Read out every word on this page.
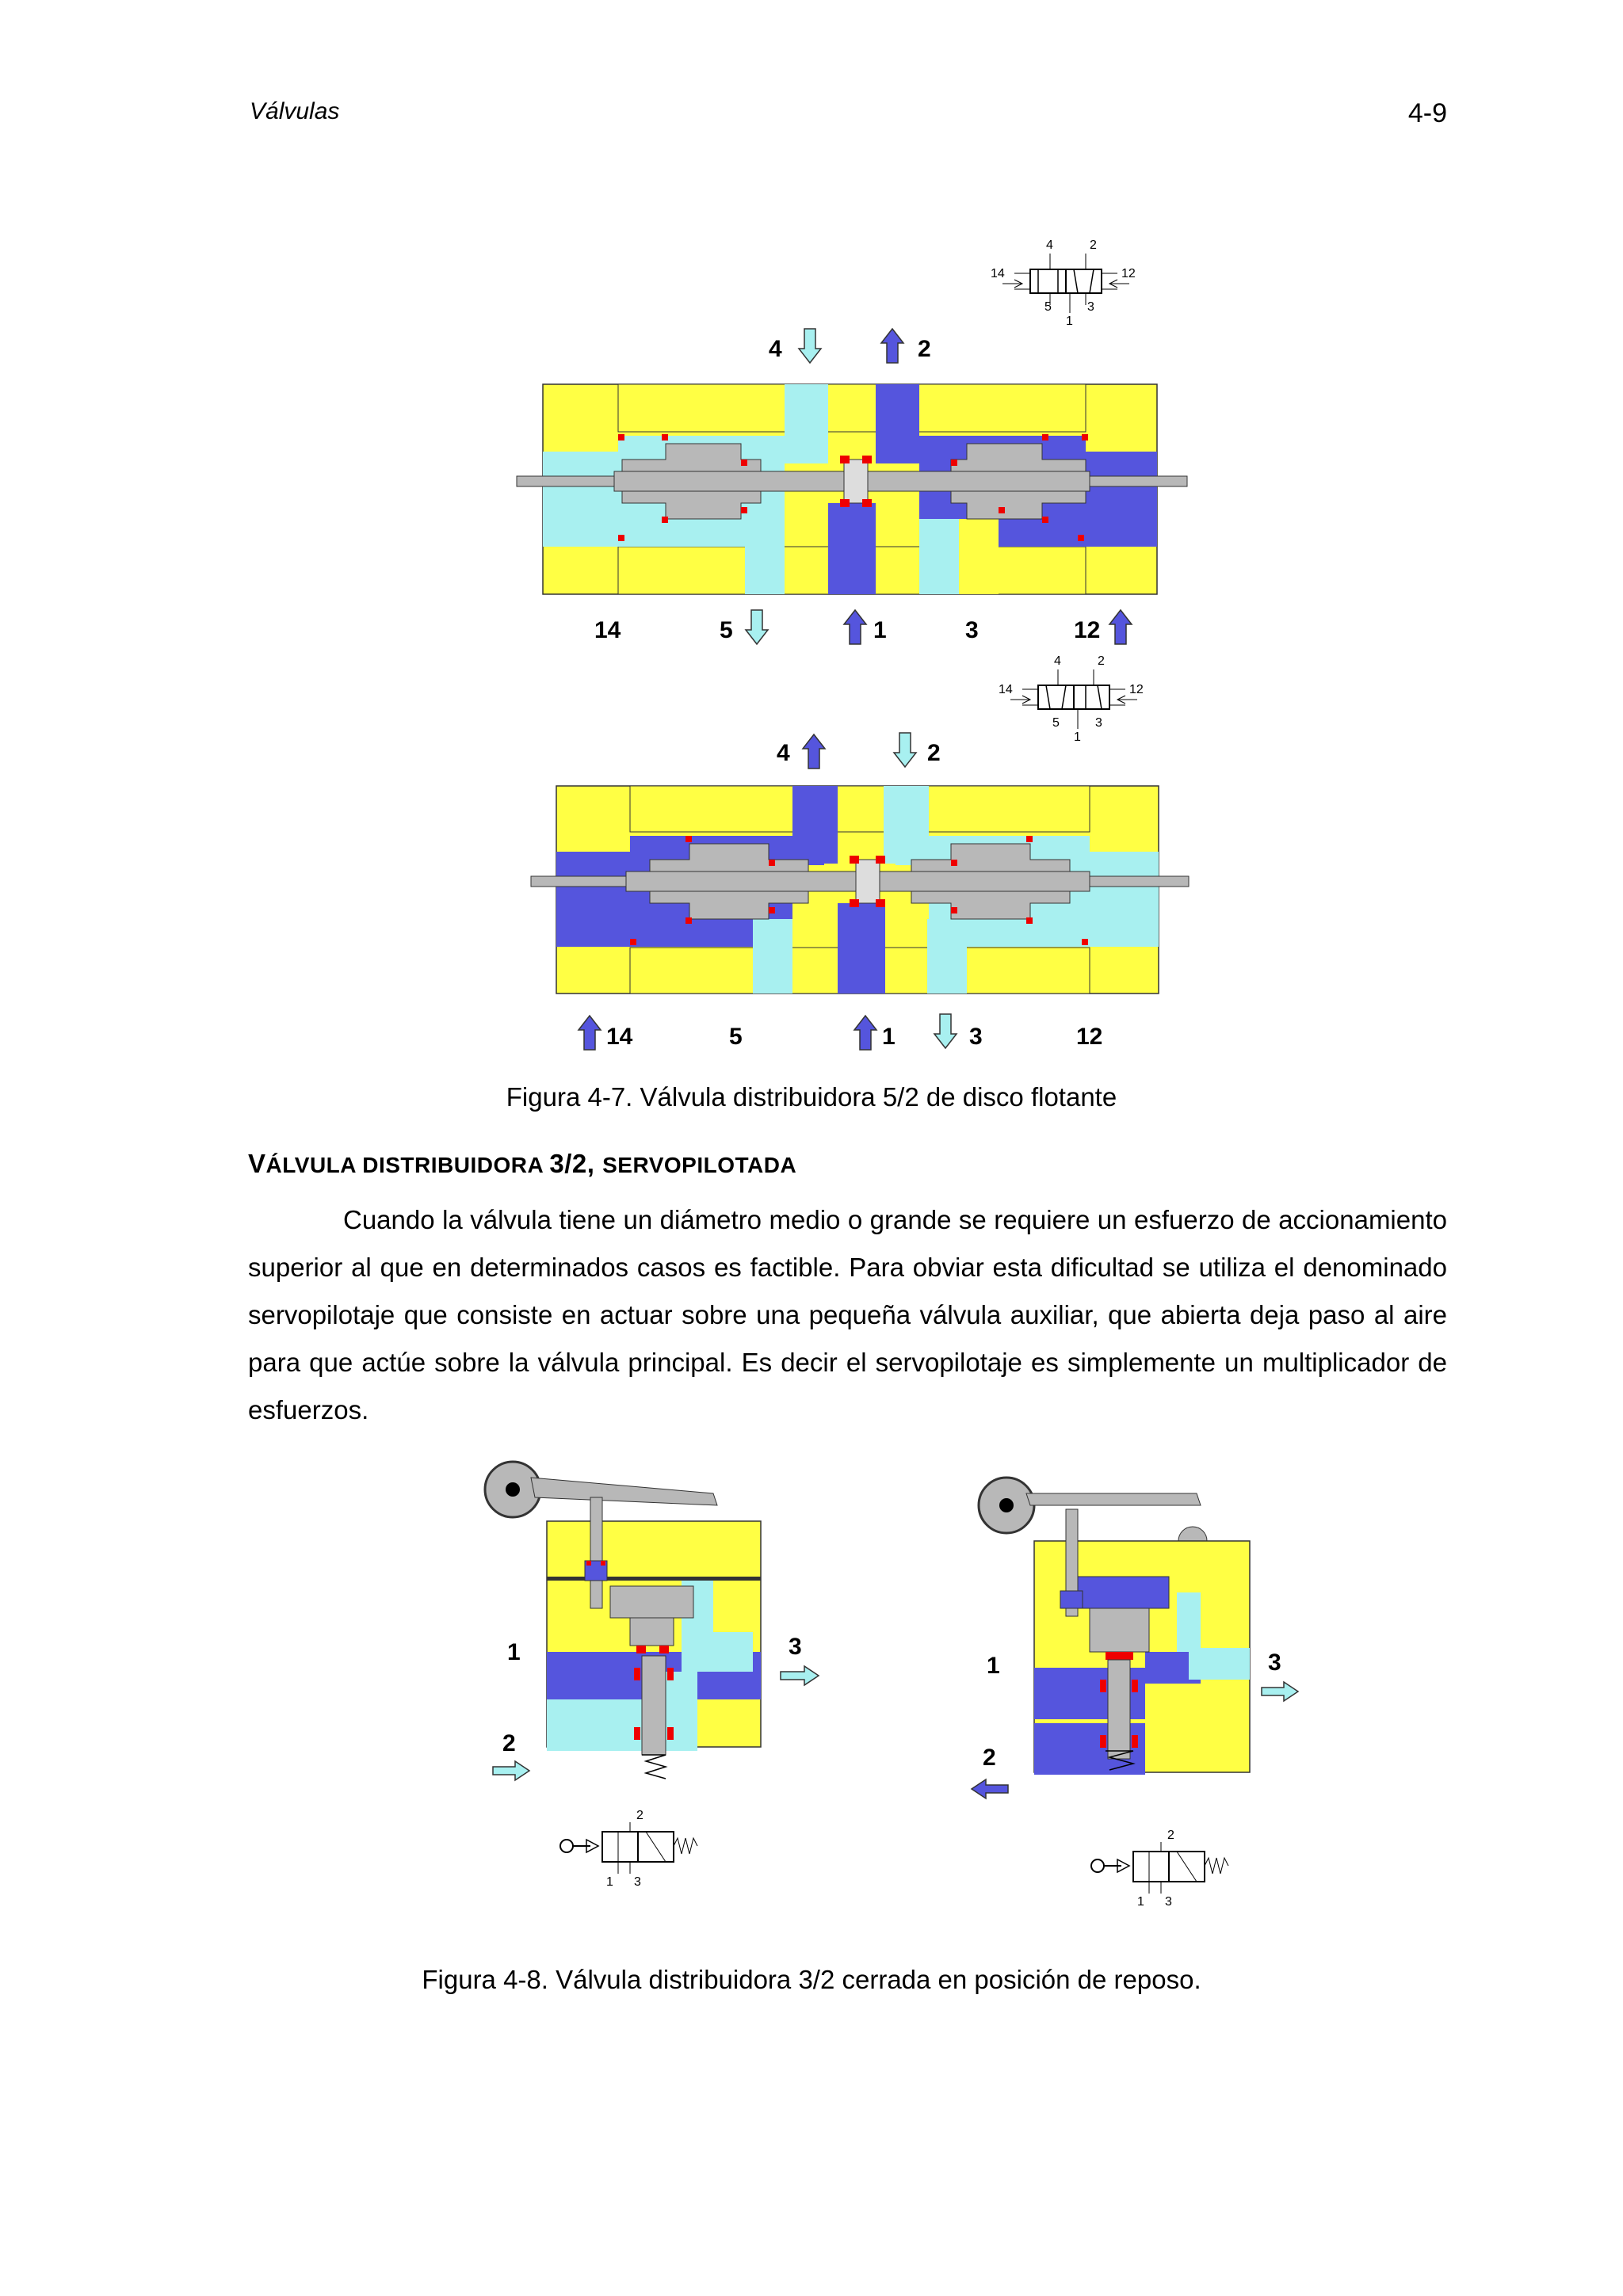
Válvulas	4-9
4	2
14	12
5	3
1
4	2
14	5	1	3	12
4	2
14	12
5	3
1
4	2
14	5	1	3	12
Figura 4-7. Válvula distribuidora 5/2 de disco flotante
VÁLVULA DISTRIBUIDORA 3/2, SERVOPILOTADA
Cuando la válvula tiene un diámetro medio o grande se requiere un esfuerzo de accionamiento superior al que en determinados casos es factible. Para obviar esta dificultad se utiliza el denominado servopilotaje que consiste en actuar sobre una pequeña válvula auxiliar, que abierta deja paso al aire para que actúe sobre la válvula principal. Es decir el servopilotaje es simplemente un multiplicador de esfuerzos.
1
2
3
2
1 3
1
2
3
2
1 3
Figura 4-8. Válvula distribuidora 3/2 cerrada en posición de reposo.
